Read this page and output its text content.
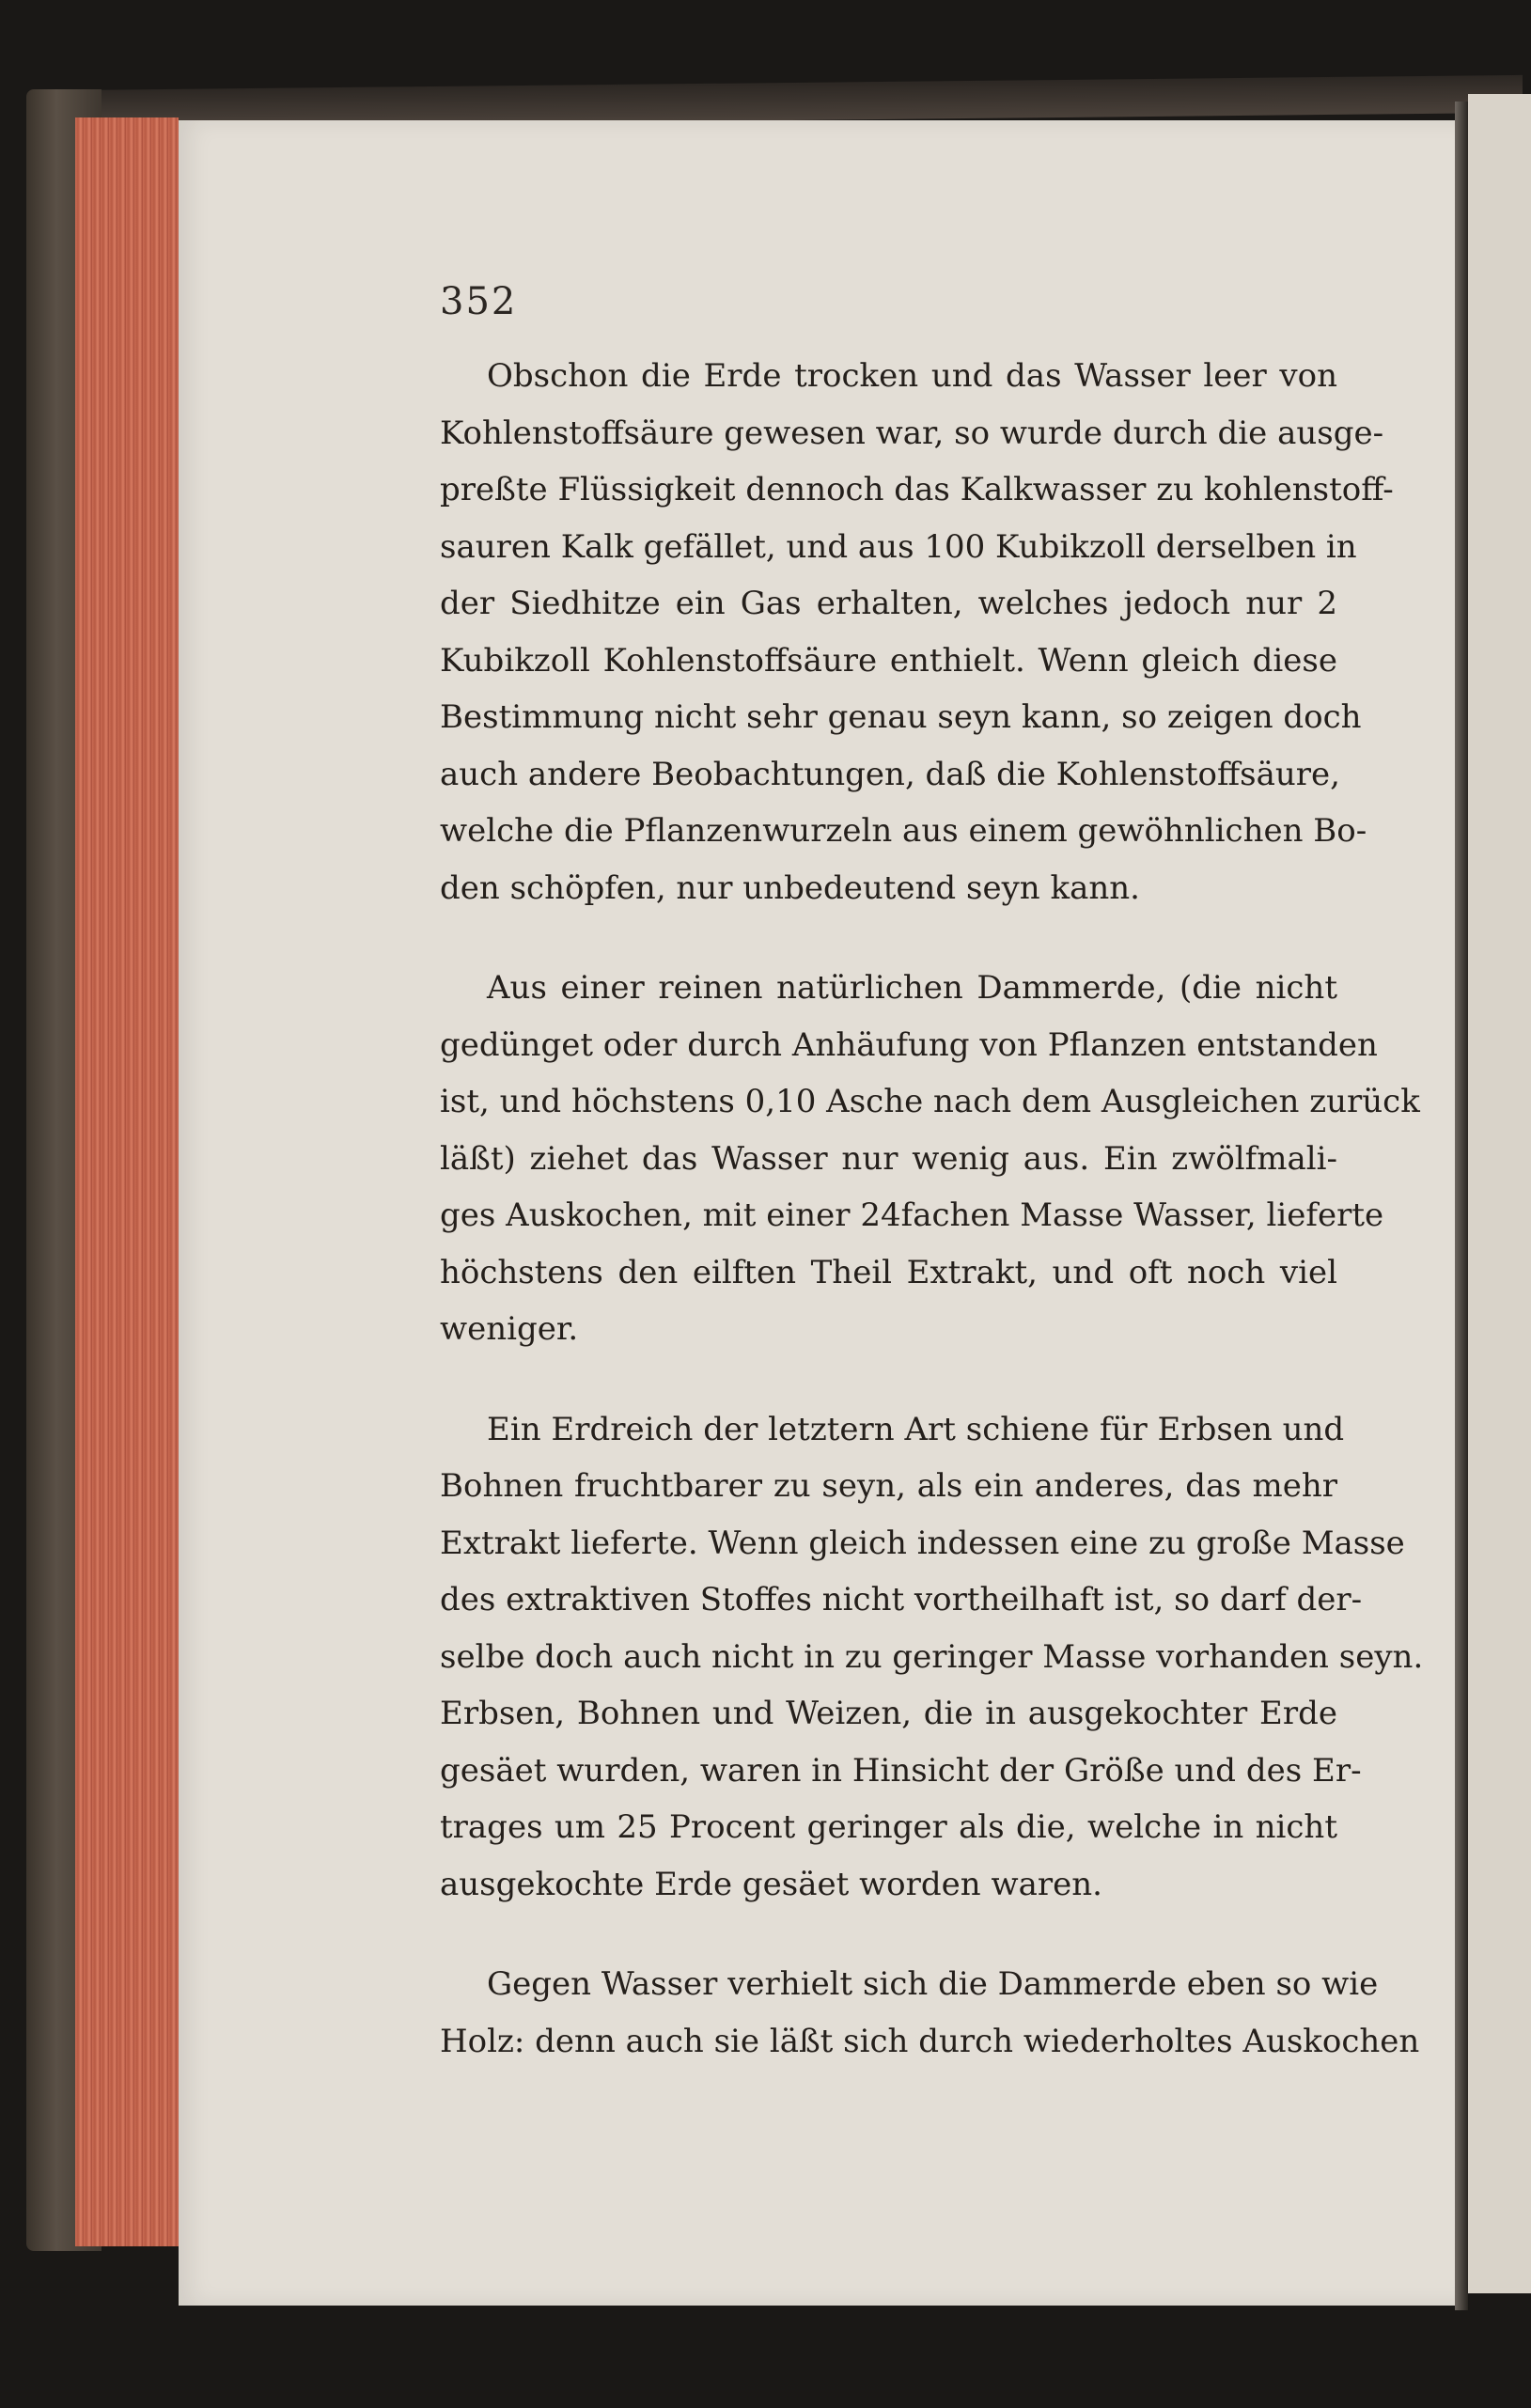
352
Obschon die Erde trocken und das Wasser leer von
Kohlenstoffsäure gewesen war, so wurde durch die ausge-
preßte Flüssigkeit dennoch das Kalkwasser zu kohlenstoff-
sauren Kalk gefället, und aus 100 Kubikzoll derselben in
der Siedhitze ein Gas erhalten, welches jedoch nur 2
Kubikzoll Kohlenstoffsäure enthielt. Wenn gleich diese
Bestimmung nicht sehr genau seyn kann, so zeigen doch
auch andere Beobachtungen, daß die Kohlenstoffsäure,
welche die Pflanzenwurzeln aus einem gewöhnlichen Bo-
den schöpfen, nur unbedeutend seyn kann.
Aus einer reinen natürlichen Dammerde, (die nicht
gedünget oder durch Anhäufung von Pflanzen entstanden
ist, und höchstens 0,10 Asche nach dem Ausgleichen zurück
läßt) ziehet das Wasser nur wenig aus. Ein zwölfmali-
ges Auskochen, mit einer 24fachen Masse Wasser, lieferte
höchstens den eilften Theil Extrakt, und oft noch viel
weniger.
Ein Erdreich der letztern Art schiene für Erbsen und
Bohnen fruchtbarer zu seyn, als ein anderes, das mehr
Extrakt lieferte. Wenn gleich indessen eine zu große Masse
des extraktiven Stoffes nicht vortheilhaft ist, so darf der-
selbe doch auch nicht in zu geringer Masse vorhanden seyn.
Erbsen, Bohnen und Weizen, die in ausgekochter Erde
gesäet wurden, waren in Hinsicht der Größe und des Er-
trages um 25 Procent geringer als die, welche in nicht
ausgekochte Erde gesäet worden waren.
Gegen Wasser verhielt sich die Dammerde eben so wie
Holz: denn auch sie läßt sich durch wiederholtes Auskochen
